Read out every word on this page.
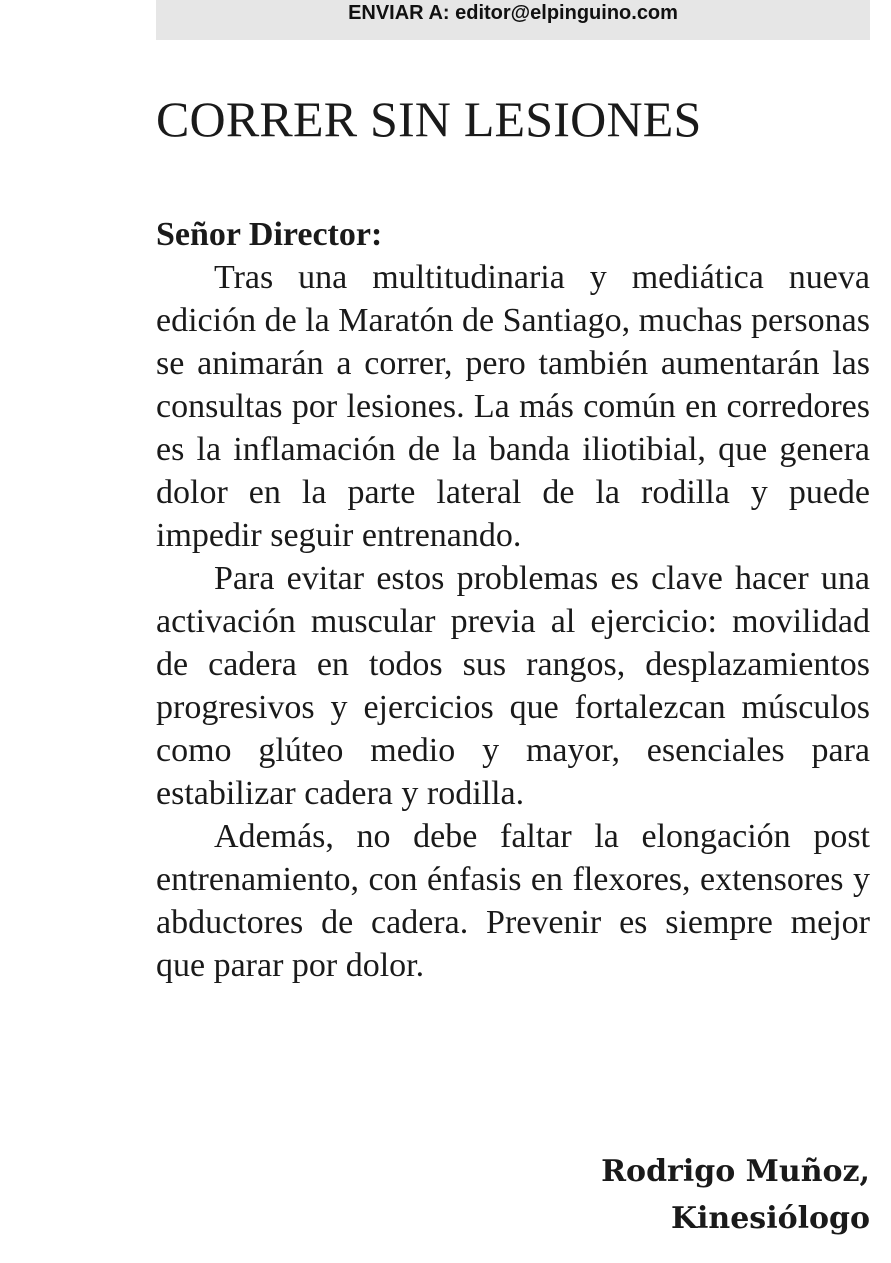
ENVIAR A: editor@elpinguino.com
CORRER SIN LESIONES
Señor Director:

Tras una multitudinaria y mediática nueva edición de la Maratón de Santiago, muchas personas se animarán a correr, pero también aumentarán las consultas por lesiones. La más común en corredores es la inflamación de la banda iliotibial, que genera dolor en la parte lateral de la rodilla y puede impedir seguir entrenando.

Para evitar estos problemas es clave hacer una activación muscular previa al ejercicio: movilidad de cadera en todos sus rangos, desplazamientos progresivos y ejercicios que fortalezcan músculos como glúteo medio y mayor, esenciales para estabilizar cadera y rodilla.

Además, no debe faltar la elongación post entrenamiento, con énfasis en flexores, extensores y abductores de cadera. Prevenir es siempre mejor que parar por dolor.

Rodrigo Muñoz,
Kinesiólogo
